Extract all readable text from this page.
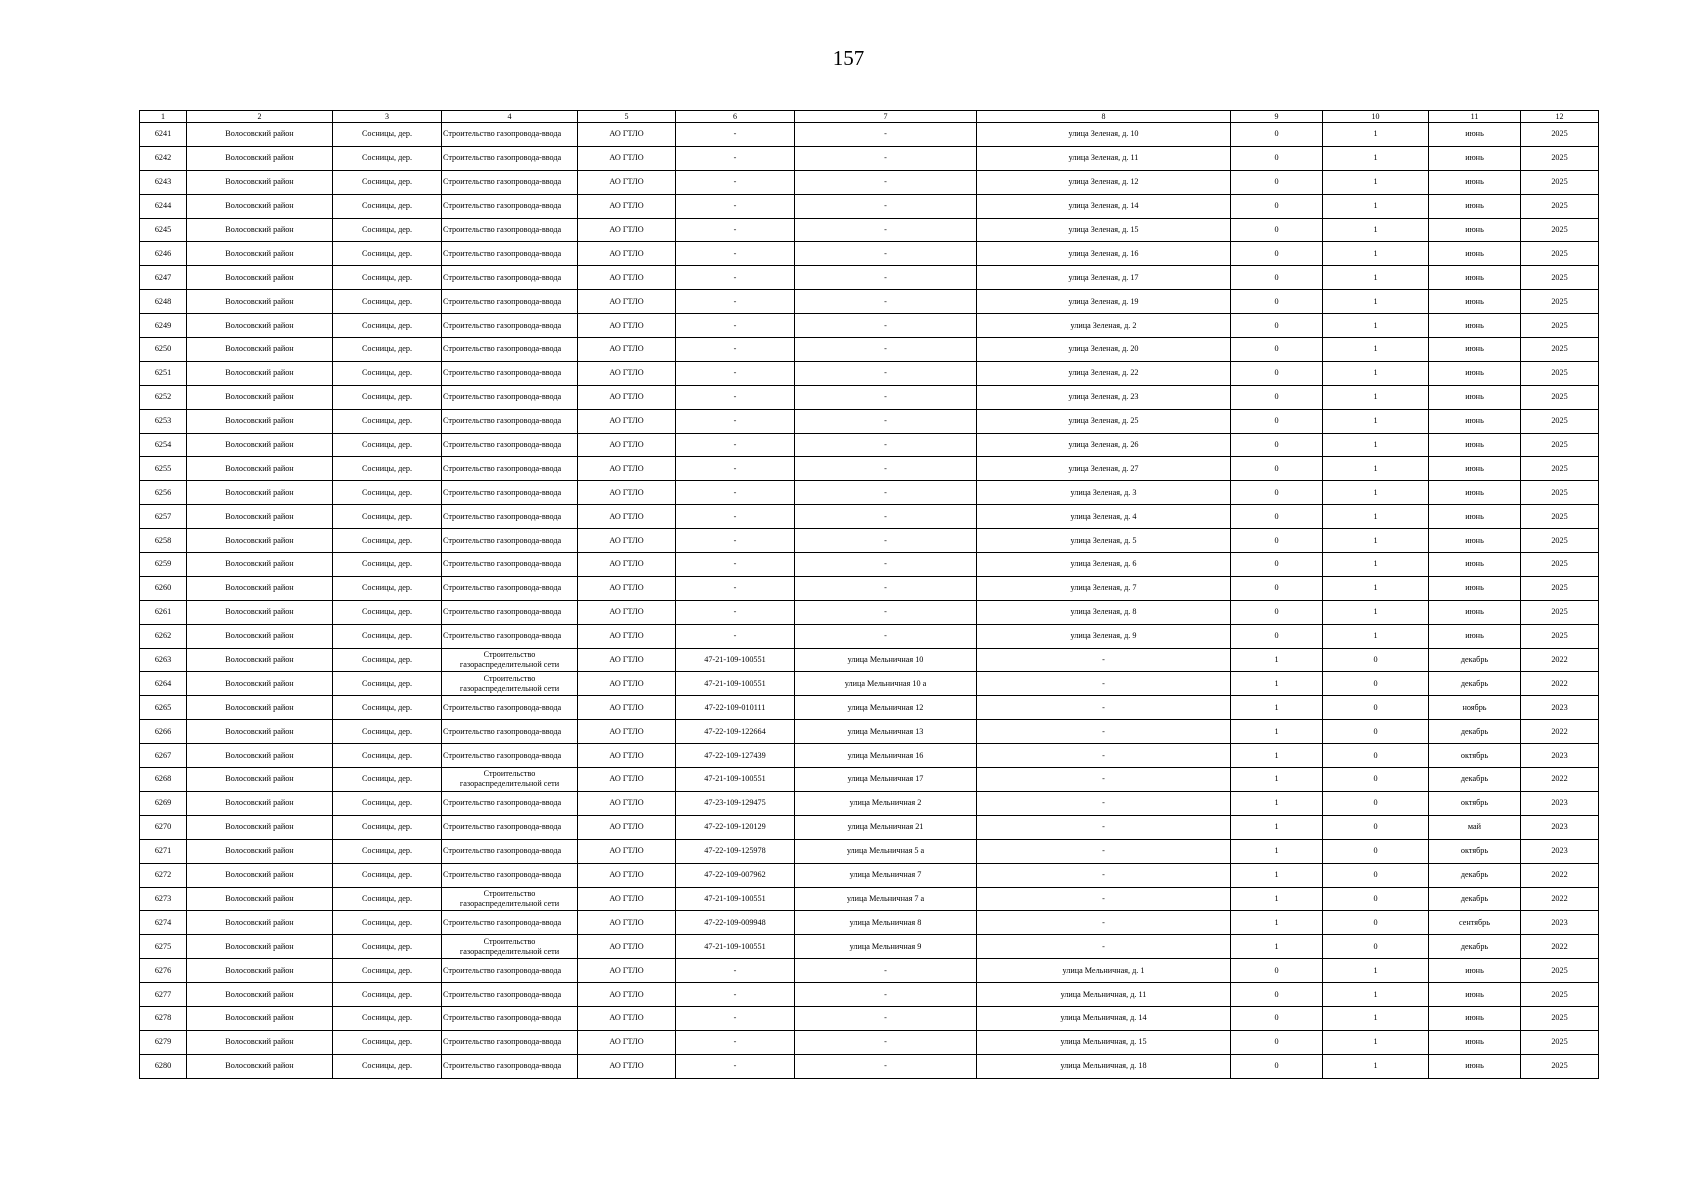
157
1	2	3	4	5	6	7	8	9	10	11	12
6241	Волосовский район	Сосницы, дер.	Строительство газопровода-ввода	АО ГТЛО	-	-	улица Зеленая, д. 10	0	1	июнь	2025
6242	Волосовский район	Сосницы, дер.	Строительство газопровода-ввода	АО ГТЛО	-	-	улица Зеленая, д. 11	0	1	июнь	2025
6243	Волосовский район	Сосницы, дер.	Строительство газопровода-ввода	АО ГТЛО	-	-	улица Зеленая, д. 12	0	1	июнь	2025
6244	Волосовский район	Сосницы, дер.	Строительство газопровода-ввода	АО ГТЛО	-	-	улица Зеленая, д. 14	0	1	июнь	2025
6245	Волосовский район	Сосницы, дер.	Строительство газопровода-ввода	АО ГТЛО	-	-	улица Зеленая, д. 15	0	1	июнь	2025
6246	Волосовский район	Сосницы, дер.	Строительство газопровода-ввода	АО ГТЛО	-	-	улица Зеленая, д. 16	0	1	июнь	2025
6247	Волосовский район	Сосницы, дер.	Строительство газопровода-ввода	АО ГТЛО	-	-	улица Зеленая, д. 17	0	1	июнь	2025
6248	Волосовский район	Сосницы, дер.	Строительство газопровода-ввода	АО ГТЛО	-	-	улица Зеленая, д. 19	0	1	июнь	2025
6249	Волосовский район	Сосницы, дер.	Строительство газопровода-ввода	АО ГТЛО	-	-	улица Зеленая, д. 2	0	1	июнь	2025
6250	Волосовский район	Сосницы, дер.	Строительство газопровода-ввода	АО ГТЛО	-	-	улица Зеленая, д. 20	0	1	июнь	2025
6251	Волосовский район	Сосницы, дер.	Строительство газопровода-ввода	АО ГТЛО	-	-	улица Зеленая, д. 22	0	1	июнь	2025
6252	Волосовский район	Сосницы, дер.	Строительство газопровода-ввода	АО ГТЛО	-	-	улица Зеленая, д. 23	0	1	июнь	2025
6253	Волосовский район	Сосницы, дер.	Строительство газопровода-ввода	АО ГТЛО	-	-	улица Зеленая, д. 25	0	1	июнь	2025
6254	Волосовский район	Сосницы, дер.	Строительство газопровода-ввода	АО ГТЛО	-	-	улица Зеленая, д. 26	0	1	июнь	2025
6255	Волосовский район	Сосницы, дер.	Строительство газопровода-ввода	АО ГТЛО	-	-	улица Зеленая, д. 27	0	1	июнь	2025
6256	Волосовский район	Сосницы, дер.	Строительство газопровода-ввода	АО ГТЛО	-	-	улица Зеленая, д. 3	0	1	июнь	2025
6257	Волосовский район	Сосницы, дер.	Строительство газопровода-ввода	АО ГТЛО	-	-	улица Зеленая, д. 4	0	1	июнь	2025
6258	Волосовский район	Сосницы, дер.	Строительство газопровода-ввода	АО ГТЛО	-	-	улица Зеленая, д. 5	0	1	июнь	2025
6259	Волосовский район	Сосницы, дер.	Строительство газопровода-ввода	АО ГТЛО	-	-	улица Зеленая, д. 6	0	1	июнь	2025
6260	Волосовский район	Сосницы, дер.	Строительство газопровода-ввода	АО ГТЛО	-	-	улица Зеленая, д. 7	0	1	июнь	2025
6261	Волосовский район	Сосницы, дер.	Строительство газопровода-ввода	АО ГТЛО	-	-	улица Зеленая, д. 8	0	1	июнь	2025
6262	Волосовский район	Сосницы, дер.	Строительство газопровода-ввода	АО ГТЛО	-	-	улица Зеленая, д. 9	0	1	июнь	2025
6263	Волосовский район	Сосницы, дер.	Строительство газораспределительной сети	АО ГТЛО	47-21-109-100551	улица Мельничная 10	-	1	0	декабрь	2022
6264	Волосовский район	Сосницы, дер.	Строительство газораспределительной сети	АО ГТЛО	47-21-109-100551	улица Мельничная 10 а	-	1	0	декабрь	2022
6265	Волосовский район	Сосницы, дер.	Строительство газопровода-ввода	АО ГТЛО	47-22-109-010111	улица Мельничная 12	-	1	0	ноябрь	2023
6266	Волосовский район	Сосницы, дер.	Строительство газопровода-ввода	АО ГТЛО	47-22-109-122664	улица Мельничная 13	-	1	0	декабрь	2022
6267	Волосовский район	Сосницы, дер.	Строительство газопровода-ввода	АО ГТЛО	47-22-109-127439	улица Мельничная 16	-	1	0	октябрь	2023
6268	Волосовский район	Сосницы, дер.	Строительство газораспределительной сети	АО ГТЛО	47-21-109-100551	улица Мельничная 17	-	1	0	декабрь	2022
6269	Волосовский район	Сосницы, дер.	Строительство газопровода-ввода	АО ГТЛО	47-23-109-129475	улица Мельничная 2	-	1	0	октябрь	2023
6270	Волосовский район	Сосницы, дер.	Строительство газопровода-ввода	АО ГТЛО	47-22-109-120129	улица Мельничная 21	-	1	0	май	2023
6271	Волосовский район	Сосницы, дер.	Строительство газопровода-ввода	АО ГТЛО	47-22-109-125978	улица Мельничная 5 а	-	1	0	октябрь	2023
6272	Волосовский район	Сосницы, дер.	Строительство газопровода-ввода	АО ГТЛО	47-22-109-007962	улица Мельничная 7	-	1	0	декабрь	2022
6273	Волосовский район	Сосницы, дер.	Строительство газораспределительной сети	АО ГТЛО	47-21-109-100551	улица Мельничная 7 а	-	1	0	декабрь	2022
6274	Волосовский район	Сосницы, дер.	Строительство газопровода-ввода	АО ГТЛО	47-22-109-009948	улица Мельничная 8	-	1	0	сентябрь	2023
6275	Волосовский район	Сосницы, дер.	Строительство газораспределительной сети	АО ГТЛО	47-21-109-100551	улица Мельничная 9	-	1	0	декабрь	2022
6276	Волосовский район	Сосницы, дер.	Строительство газопровода-ввода	АО ГТЛО	-	-	улица Мельничная, д. 1	0	1	июнь	2025
6277	Волосовский район	Сосницы, дер.	Строительство газопровода-ввода	АО ГТЛО	-	-	улица Мельничная, д. 11	0	1	июнь	2025
6278	Волосовский район	Сосницы, дер.	Строительство газопровода-ввода	АО ГТЛО	-	-	улица Мельничная, д. 14	0	1	июнь	2025
6279	Волосовский район	Сосницы, дер.	Строительство газопровода-ввода	АО ГТЛО	-	-	улица Мельничная, д. 15	0	1	июнь	2025
6280	Волосовский район	Сосницы, дер.	Строительство газопровода-ввода	АО ГТЛО	-	-	улица Мельничная, д. 18	0	1	июнь	2025
